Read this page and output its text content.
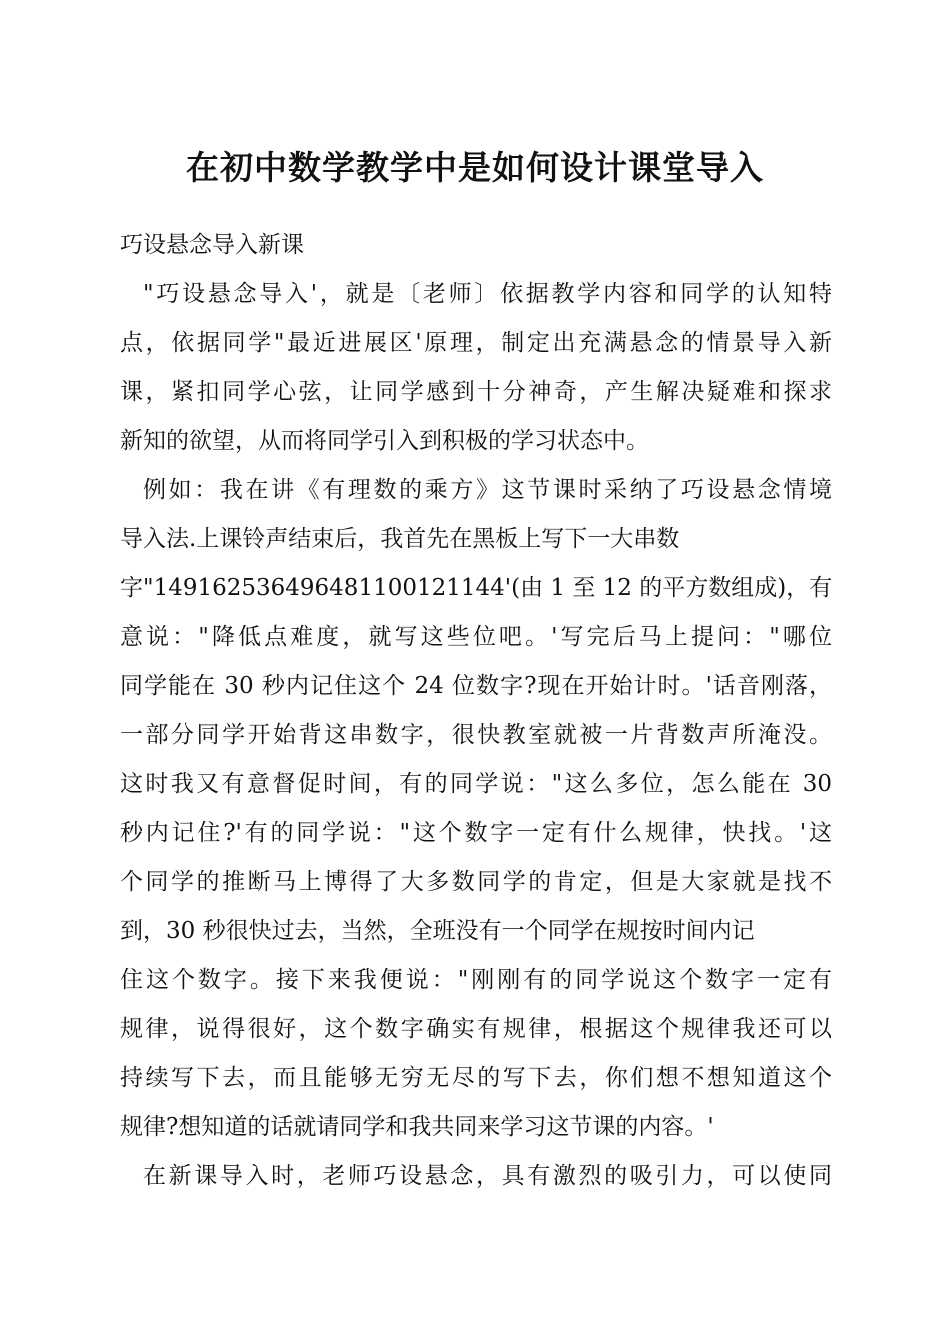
在初中数学教学中是如何设计课堂导入
巧设悬念导入新课
"巧设悬念导入'，就是〔老师〕依据教学内容和同学的认知特
点，依据同学"最近进展区'原理，制定出充满悬念的情景导入新
课，紧扣同学心弦，让同学感到十分神奇，产生解决疑难和探求
新知的欲望，从而将同学引入到积极的学习状态中。
例如：我在讲《有理数的乘方》这节课时采纳了巧设悬念情境
导入法.上课铃声结束后，我首先在黑板上写下一大串数
字"149162536496481100121144'(由 1 至 12 的平方数组成)，有
意说："降低点难度，就写这些位吧。'写完后马上提问："哪位
同学能在 30 秒内记住这个 24 位数字?现在开始计时。'话音刚落，
一部分同学开始背这串数字，很快教室就被一片背数声所淹没。
这时我又有意督促时间，有的同学说："这么多位，怎么能在 30
秒内记住?'有的同学说："这个数字一定有什么规律，快找。'这
个同学的推断马上博得了大多数同学的肯定，但是大家就是找不
到，30 秒很快过去，当然，全班没有一个同学在规按时间内记
住这个数字。接下来我便说："刚刚有的同学说这个数字一定有
规律，说得很好，这个数字确实有规律，根据这个规律我还可以
持续写下去，而且能够无穷无尽的写下去，你们想不想知道这个
规律?想知道的话就请同学和我共同来学习这节课的内容。'
在新课导入时，老师巧设悬念，具有激烈的吸引力，可以使同
